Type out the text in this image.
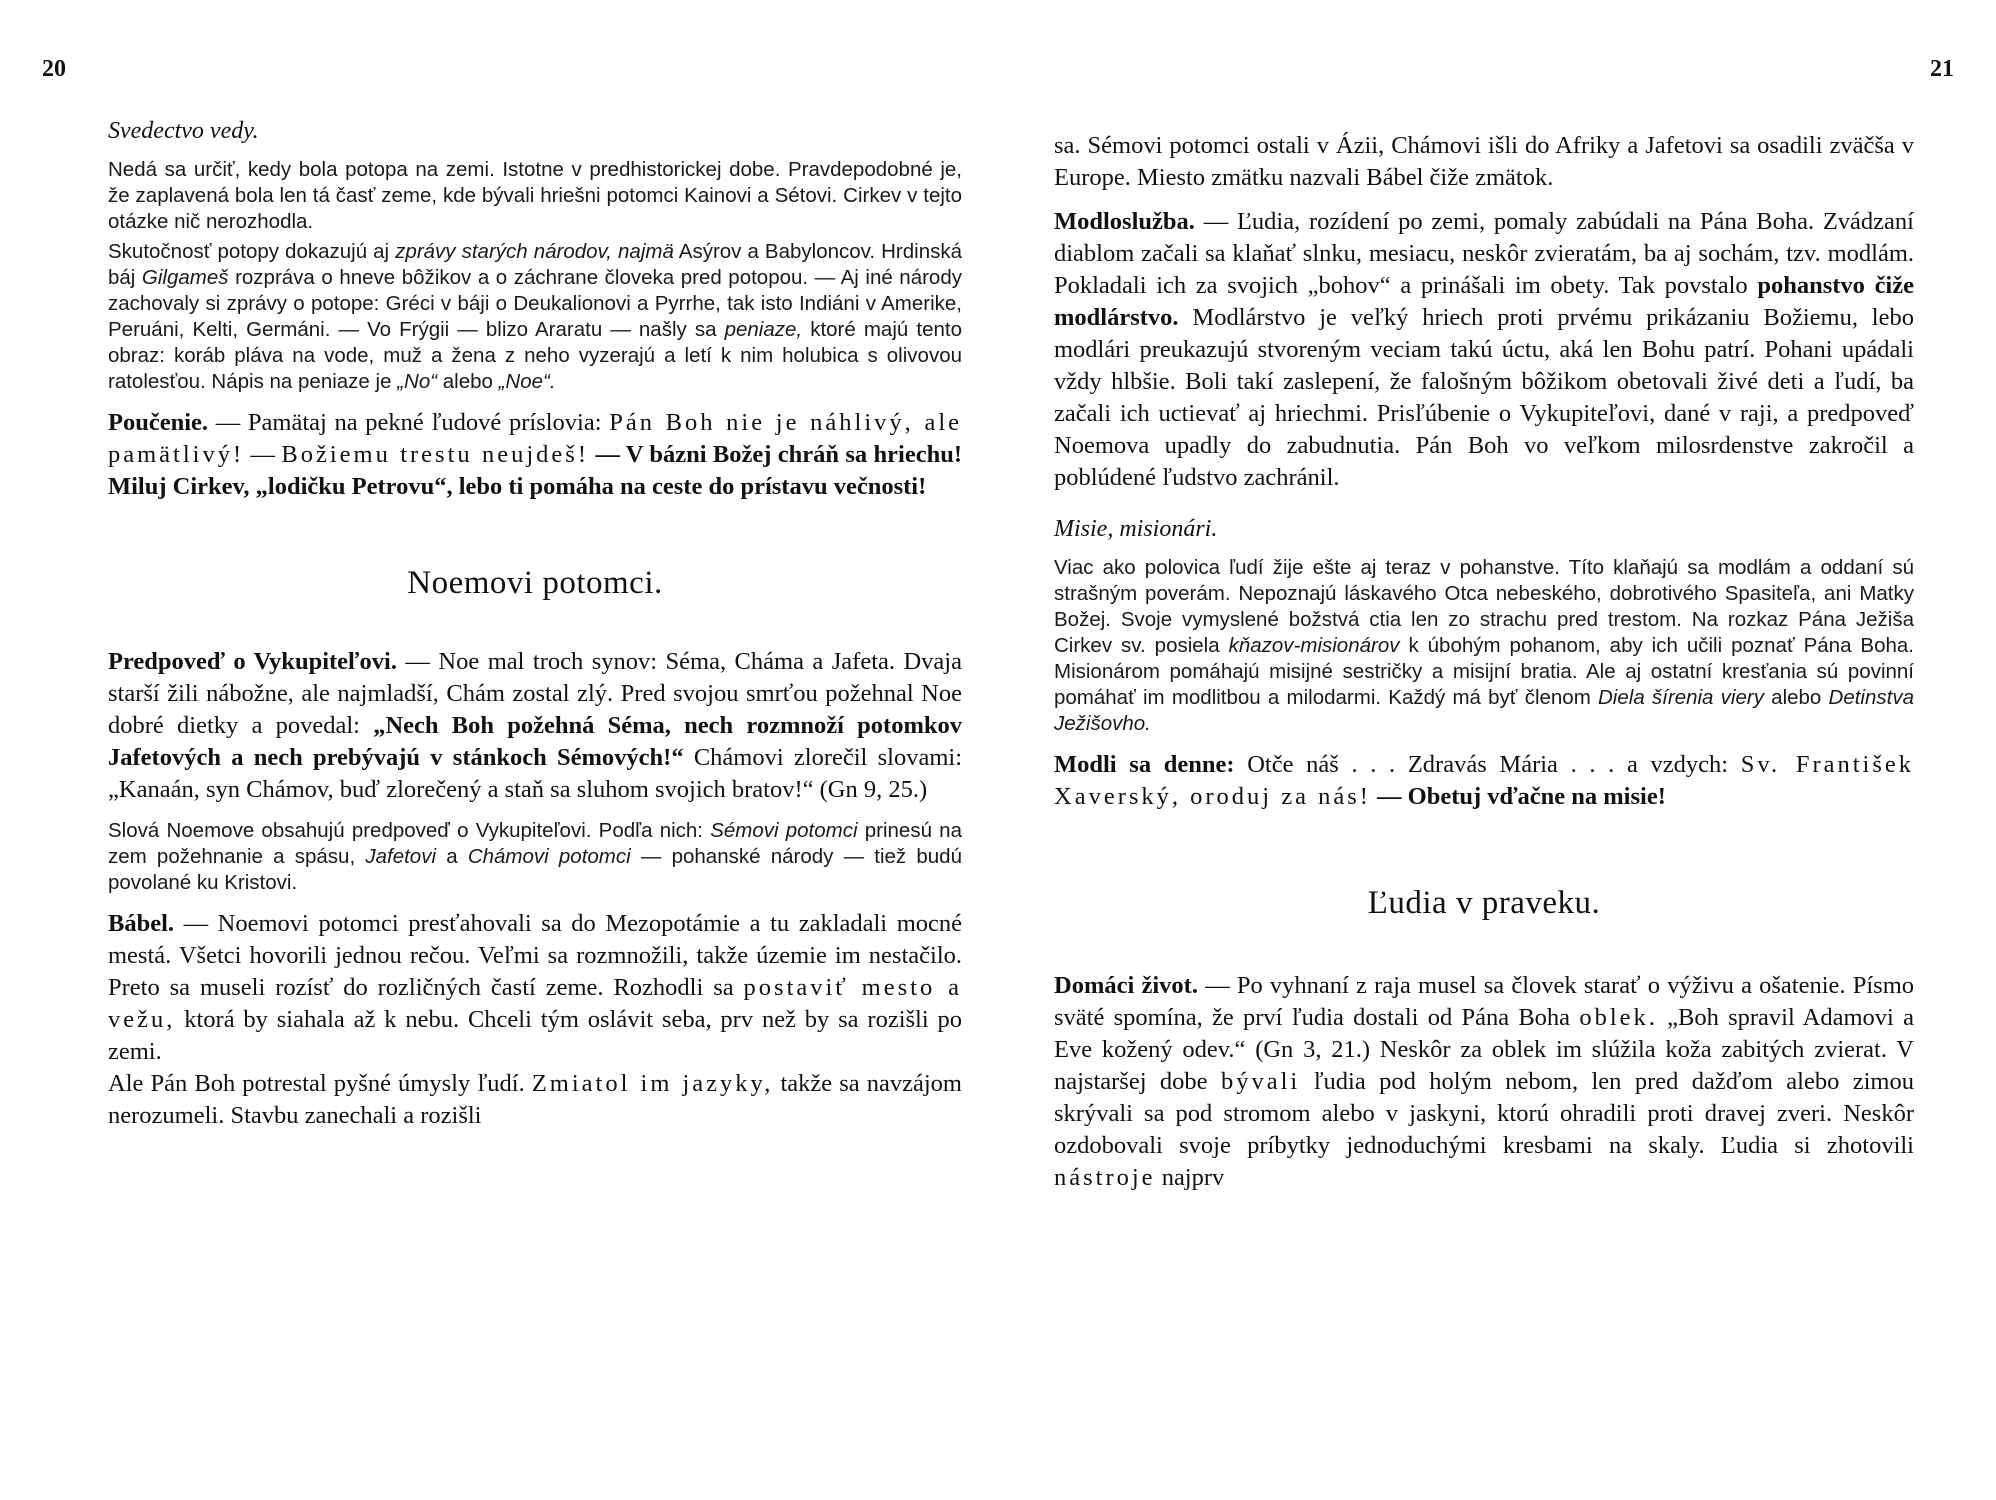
20
Svedectvo vedy.

Nedá sa určiť, kedy bola potopa na zemi. Istotne v predhistorickej dobe. Pravdepodobné je, že zaplavená bola len tá časť zeme, kde bývali hriešni potomci Kainovi a Sétovi. Cirkev v tejto otázke nič nerozhodla.

Skutočnosť potopy dokazujú aj zprávy starých národov, najmä Asýrov a Babyloncov. Hrdinská báj Gilgameš rozpráva o hneve bôžikov a o záchrane človeka pred potopou. — Aj iné národy zachovaly si zprávy o potope: Gréci v báji o Deukalionovi a Pyrrhe, tak isto Indiáni v Amerike, Peruáni, Kelti, Germáni. — Vo Frýgii — blizo Araratu — našly sa peniaze, ktoré majú tento obraz: koráb pláva na vode, muž a žena z neho vyzerajú a letí k nim holubica s olivovou ratolesťou. Nápis na peniaze je „No“ alebo „Noe“.

Poučenie. — Pamätaj na pekné ľudové príslovia: Pán Boh nie je náhlivý, ale pamätlivý! — Božiemu trestu neujdeš! — V bázni Božej chráň sa hriechu! Miluj Cirkev, „lodičku Petrovu“, lebo ti pomáha na ceste do prístavu večnosti!

Noemovi potomci.

Predpoveď o Vykupiteľovi. — Noe mal troch synov: Séma, Cháma a Jafeta. Dvaja starší žili nábožne, ale najmladší, Chám zostal zlý. Pred svojou smrťou požehnal Noe dobré dietky a povedal: „Nech Boh požehná Séma, nech rozmnoží potomkov Jafetových a nech prebývajú v stánkoch Sémových!“ Chámovi zlorečil slovami: „Kanaán, syn Chámov, buď zlorečený a staň sa sluhom svojich bratov!“ (Gn 9, 25.)

Slová Noemove obsahujú predpoveď o Vykupiteľovi. Podľa nich: Sémovi potomci prinesú na zem požehnanie a spásu, Jafetovi a Chámovi potomci — pohanské národy — tiež budú povolané ku Kristovi.

Bábel. — Noemovi potomci presťahovali sa do Mezopotámie a tu zakladali mocné mestá. Všetci hovorili jednou rečou. Veľmi sa rozmnožili, takže územie im nestačilo. Preto sa museli rozísť do rozličných častí zeme. Rozhodli sa postaviť mesto a vežu, ktorá by siahala až k nebu. Chceli tým oslávit seba, prv než by sa rozišli po zemi.

Ale Pán Boh potrestal pyšné úmysly ľudí. Zmiatol im jazyky, takže sa navzájom nerozumeli. Stavbu zanechali a rozišli

21

sa. Sémovi potomci ostali v Ázii, Chámovi išli do Afriky a Jafetovi sa osadili zväčša v Europe. Miesto zmätku nazvali Bábel čiže zmätok.

Modloslužba. — Ľudia, rozídení po zemi, pomaly zabúdali na Pána Boha. Zvádzaní diablom začali sa klaňať slnku, mesiacu, neskôr zvieratám, ba aj sochám, tzv. modlám. Pokladali ich za svojich „bohov“ a prinášali im obety. Tak povstalo pohanstvo čiže modlárstvo. Modlárstvo je veľký hriech proti prvému prikázaniu Božiemu, lebo modlári preukazujú stvoreným veciam takú úctu, aká len Bohu patrí. Pohani upádali vždy hlbšie. Boli takí zaslepení, že falošným bôžikom obetovali živé deti a ľudí, ba začali ich uctievať aj hriechmi. Prisľúbenie o Vykupiteľovi, dané v raji, a predpoveď Noemova upadly do zabudnutia. Pán Boh vo veľkom milosrdenstve zakročil a poblúdené ľudstvo zachránil.

Misie, misionári.

Viac ako polovica ľudí žije ešte aj teraz v pohanstve. Títo klaňajú sa modlám a oddaní sú strašným poverám. Nepoznajú láskavého Otca nebeského, dobrotivého Spasiteľa, ani Matky Božej. Svoje vymyslené božstvá ctia len zo strachu pred trestom. Na rozkaz Pána Ježiša Cirkev sv. posiela kňazov-misionárov k úbohým pohanom, aby ich učili poznať Pána Boha. Misionárom pomáhajú misijné sestričky a misijní bratia. Ale aj ostatní kresťania sú povinní pomáhať im modlitbou a milodarmi. Každý má byť členom Diela šírenia viery alebo Detinstva Ježišovho.

Modli sa denne: Otče náš . . . Zdravás Mária . . . a vzdych: Sv. František Xaverský, oroduj za nás! — Obetuj vďačne na misie!

Ľudia v praveku.

Domáci život. — Po vyhnaní z raja musel sa človek starať o výživu a ošatenie. Písmo sväté spomína, že prví ľudia dostali od Pána Boha oblek. „Boh spravil Adamovi a Eve kožený odev.“ (Gn 3, 21.) Neskôr za oblek im slúžila koža zabitých zvierat. V najstaršej dobe bývali ľudia pod holým nebom, len pred dažďom alebo zimou skrývali sa pod stromom alebo v jaskyni, ktorú ohradili proti dravej zveri. Neskôr ozdobovali svoje príbytky jednoduchými kresbami na skaly. Ľudia si zhotovili nástroje najprv
